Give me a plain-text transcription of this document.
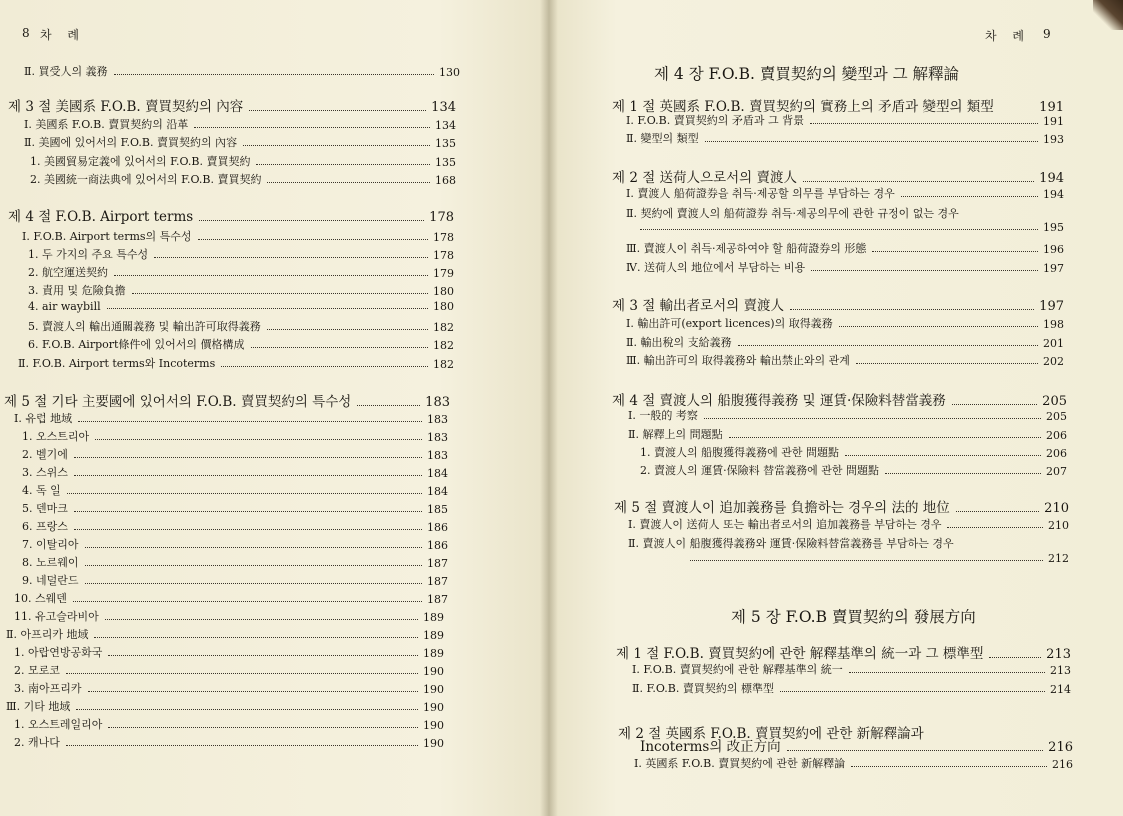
8 차 례	차 례 9
Ⅱ. 買受人의 義務	130
제 3 절 美國系 F.O.B. 賣買契約의 內容	134
Ⅰ. 美國系 F.O.B. 賣買契約의 沿革	134
Ⅱ. 美國에 있어서의 F.O.B. 賣買契約의 內容	135
1. 美國貿易定義에 있어서의 F.O.B. 賣買契約	135
2. 美國統一商法典에 있어서의 F.O.B. 賣買契約	168
제 4 절 F.O.B. Airport terms	178
Ⅰ. F.O.B. Airport terms의 특수성	178
1. 두 가지의 주요 특수성	178
2. 航空運送契約	179
3. 責用 및 危險負擔	180
4. air waybill	180
5. 賣渡人의 輸出通關義務 및 輸出許可取得義務	182
6. F.O.B. Airport條件에 있어서의 價格構成	182
Ⅱ. F.O.B. Airport terms와 Incoterms	182
제 5 절 기타 主要國에 있어서의 F.O.B. 賣買契約의 특수성	183
Ⅰ. 유럽 地域	183
1. 오스트리아	183
2. 벨기에	183
3. 스위스	184
4. 독 일	184
5. 덴마크	185
6. 프랑스	186
7. 이탈리아	186
8. 노르웨이	187
9. 네덜란드	187
10. 스웨덴	187
11. 유고슬라비아	189
Ⅱ. 아프리카 地域	189
1. 아랍연방공화국	189
2. 모로코	190
3. 南아프리카	190
Ⅲ. 기타 地域	190
1. 오스트레일리아	190
2. 캐나다	190
제 4 장 F.O.B. 賣買契約의 變型과 그 解釋論
제 1 절 英國系 F.O.B. 賣買契約의 實務上의 矛盾과 變型의 類型	191
Ⅰ. F.O.B. 賣買契約의 矛盾과 그 背景	191
Ⅱ. 變型의 類型	193
제 2 절 送荷人으로서의 賣渡人	194
Ⅰ. 賣渡人 船荷證券을 취득·제공할 의무를 부담하는 경우	194
Ⅱ. 契約에 賣渡人의 船荷證券 취득·제공의무에 관한 규정이 없는 경우
195
Ⅲ. 賣渡人이 취득·제공하여야 할 船荷證券의 形態	196
Ⅳ. 送荷人의 地位에서 부담하는 비용	197
제 3 절 輸出者로서의 賣渡人	197
Ⅰ. 輸出許可(export licences)의 取得義務	198
Ⅱ. 輸出稅의 支給義務	201
Ⅲ. 輸出許可의 取得義務와 輸出禁止와의 관계	202
제 4 절 賣渡人의 船腹獲得義務 및 運賃·保險料替當義務	205
Ⅰ. 一般的 考察	205
Ⅱ. 解釋上의 問題點	206
1. 賣渡人의 船腹獲得義務에 관한 問題點	206
2. 賣渡人의 運賃·保險料 替當義務에 관한 問題點	207
제 5 절 賣渡人이 追加義務를 負擔하는 경우의 法的 地位	210
Ⅰ. 賣渡人이 送荷人 또는 輸出者로서의 追加義務를 부담하는 경우	210
Ⅱ. 賣渡人이 船腹獲得義務와 運賃·保險料替當義務를 부담하는 경우
212
제 5 장 F.O.B 賣買契約의 發展方向
제 1 절 F.O.B. 賣買契約에 관한 解釋基準의 統一과 그 標準型	213
Ⅰ. F.O.B. 賣買契約에 관한 解釋基準의 統一	213
Ⅱ. F.O.B. 賣買契約의 標準型	214
제 2 절 英國系 F.O.B. 賣買契約에 관한 新解釋論과
Incoterms의 改正方向	216
Ⅰ. 英國系 F.O.B. 賣買契約에 관한 新解釋論	216
